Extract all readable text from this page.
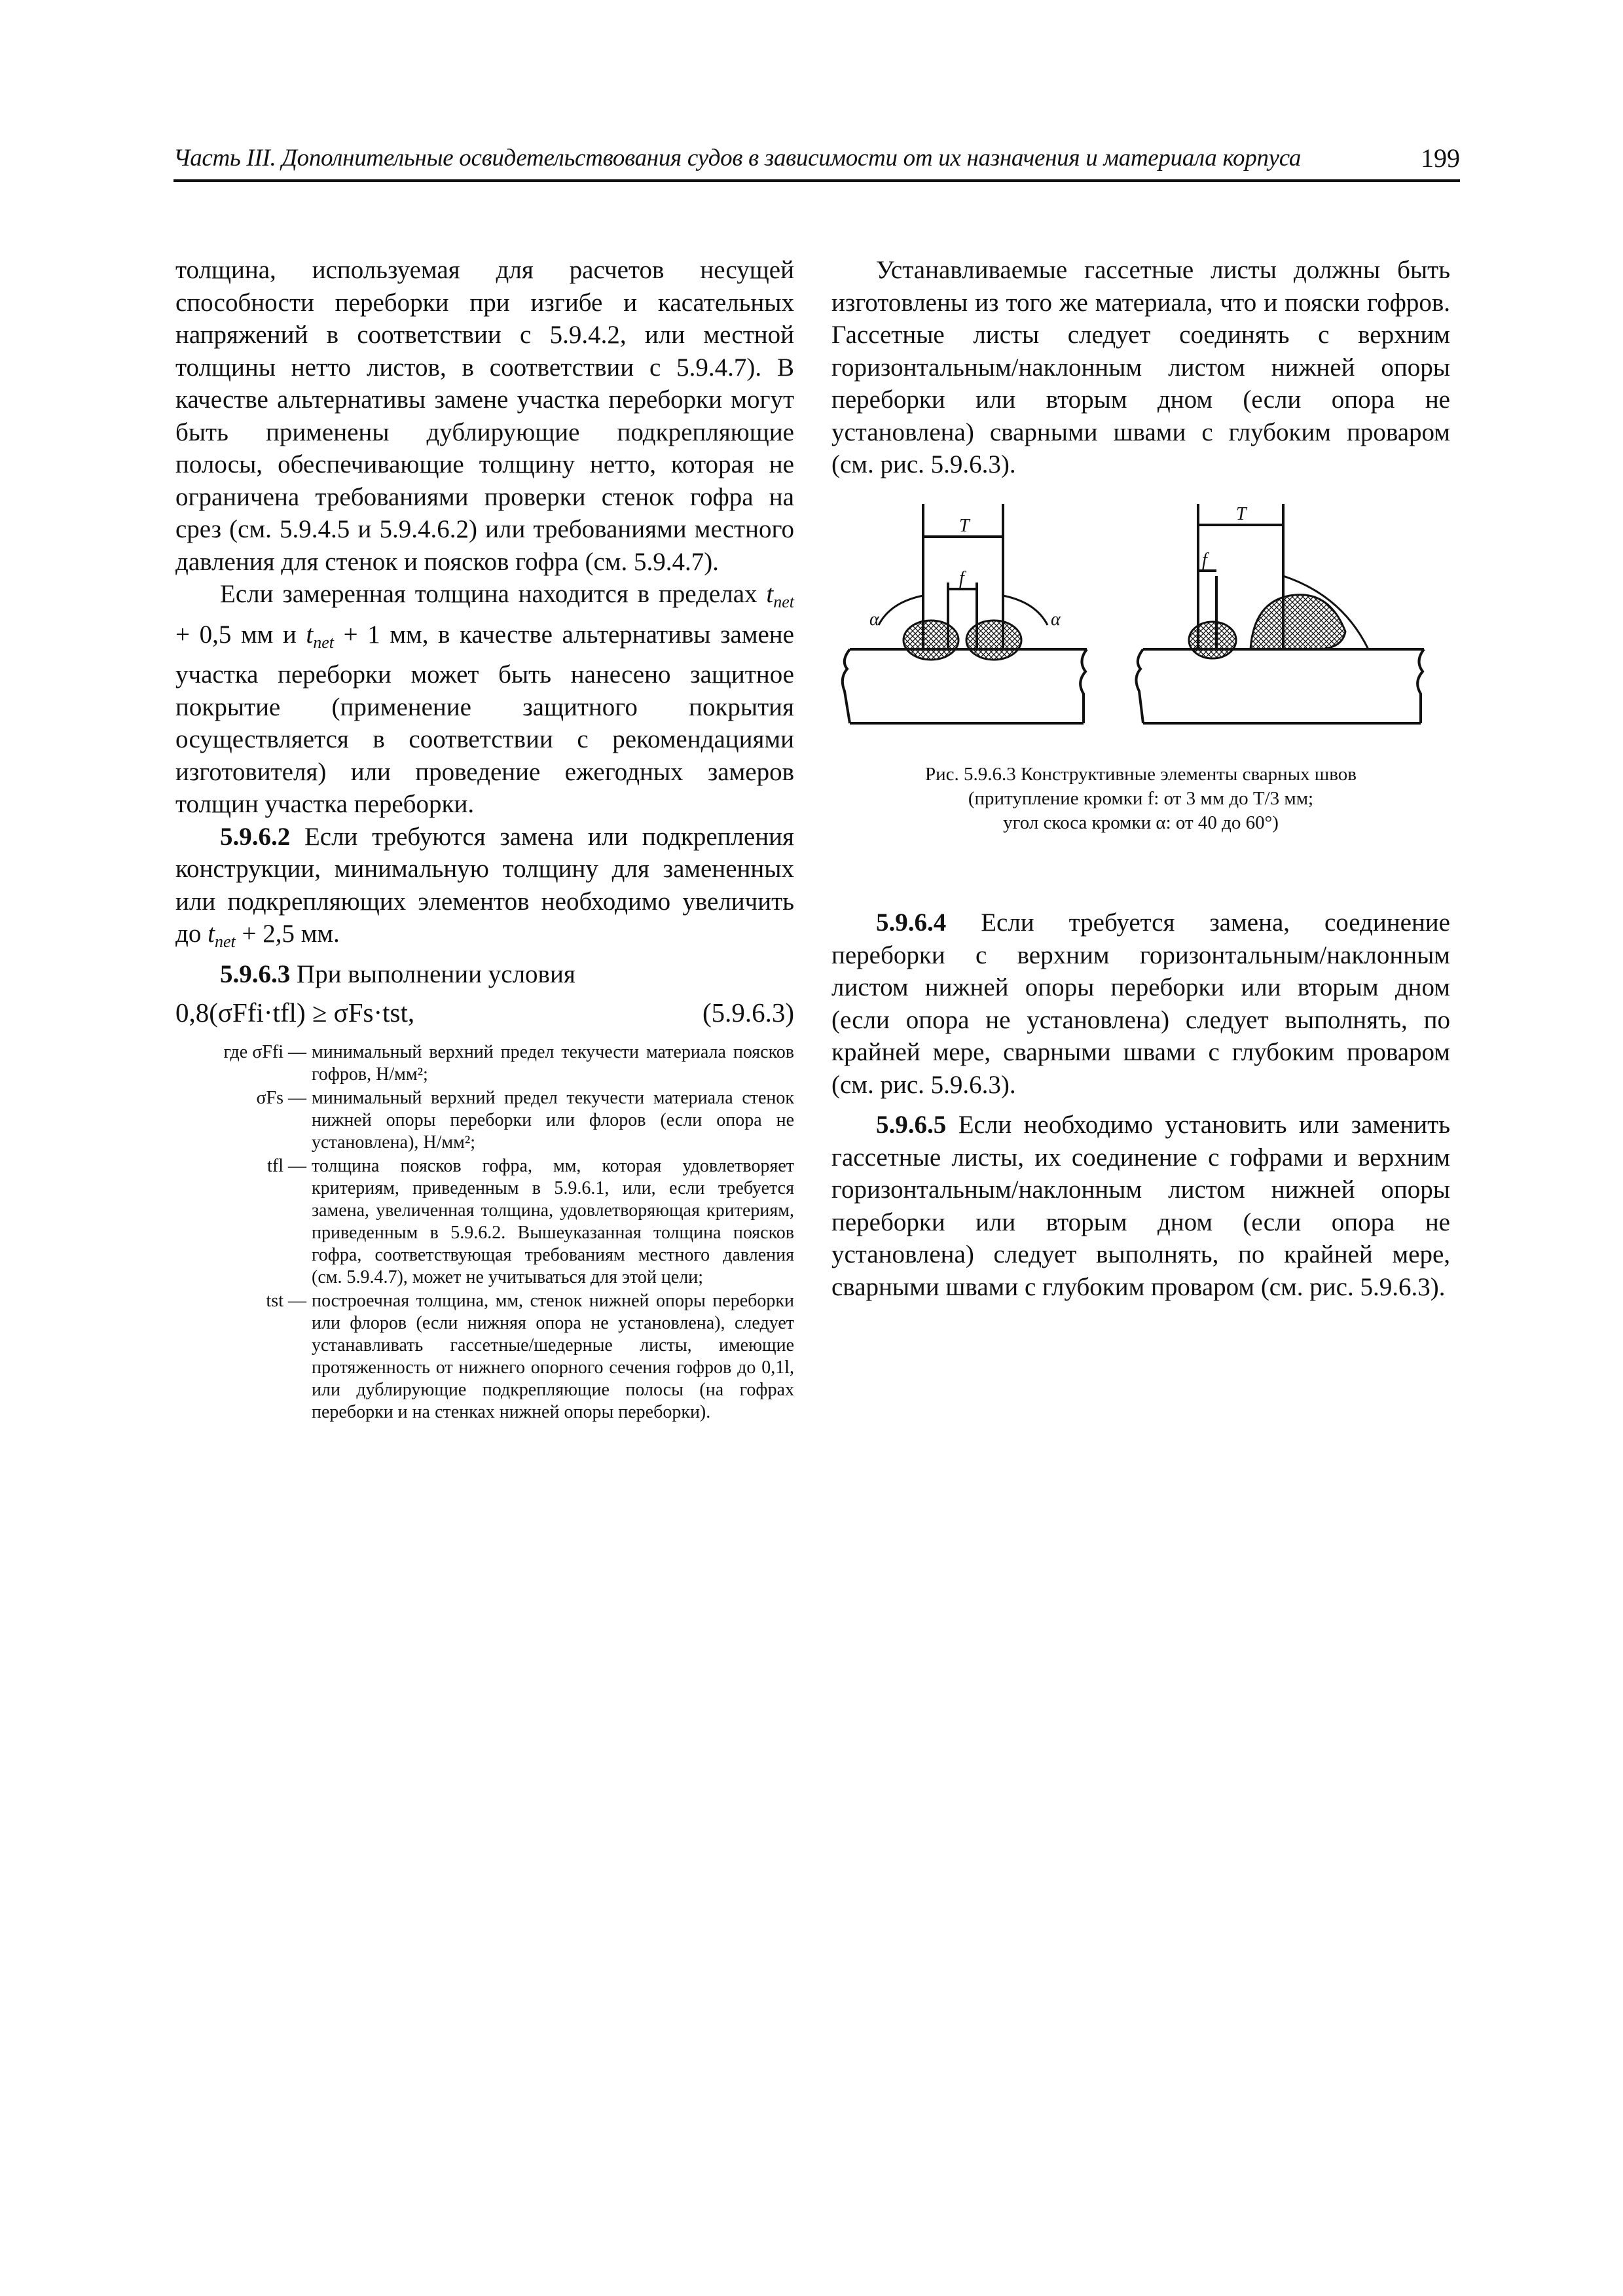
Часть III. Дополнительные освидетельствования судов в зависимости от их назначения и материала корпуса	199

толщина, используемая для расчетов несущей способности переборки при изгибе и касательных напряжений в соответствии с 5.9.4.2, или местной толщины нетто листов, в соответствии с 5.9.4.7). В качестве альтернативы замене участка переборки могут быть применены дублирующие подкрепляющие полосы, обеспечивающие толщину нетто, которая не ограничена требованиями проверки стенок гофра на срез (см. 5.9.4.5 и 5.9.4.6.2) или требованиями местного давления для стенок и поясков гофра (см. 5.9.4.7).

Если замеренная толщина находится в пределах $t_{net} + 0,5$ мм и $t_{net} + 1$ мм, в качестве альтернативы замене участка переборки может быть нанесено защитное покрытие (применение защитного покрытия осуществляется в соответствии с рекомендациями изготовителя) или проведение ежегодных замеров толщин участка переборки.

5.9.6.2 Если требуются замена или подкрепления конструкции, минимальную толщину для замененных или подкрепляющих элементов необходимо увеличить до $t_{net} + 2,5$ мм.

5.9.6.3 При выполнении условия

0,8(σFfi·tfl) ≥ σFs·tst,	(5.9.6.3)
где σFfi — минимальный верхний предел текучести материала поясков гофров, Н/мм²;
σFs — минимальный верхний предел текучести материала стенок нижней опоры переборки или флоров (если опора не установлена), Н/мм²;
tfl — толщина поясков гофра, мм, которая удовлетворяет критериям, приведенным в 5.9.6.1, или, если требуется замена, увеличенная толщина, удовлетворяющая критериям, приведенным в 5.9.6.2. Вышеуказанная толщина поясков гофра, соответствующая требованиям местного давления (см. 5.9.4.7), может не учитываться для этой цели;
tst — построечная толщина, мм, стенок нижней опоры переборки или флоров (если нижняя опора не установлена), следует устанавливать гассетные/шедерные листы, имеющие протяженность от нижнего опорного сечения гофров до 0,1l, или дублирующие подкрепляющие полосы (на гофрах переборки и на стенках нижней опоры переборки).

Устанавливаемые гассетные листы должны быть изготовлены из того же материала, что и пояски гофров. Гассетные листы следует соединять с верхним горизонтальным/наклонным листом нижней опоры переборки или вторым дном (если опора не установлена) сварными швами с глубоким проваром (см. рис. 5.9.6.3).

T
f
α	α
T
f
Рис. 5.9.6.3 Конструктивные элементы сварных швов
(притупление кромки f: от 3 мм до T/3 мм;
угол скоса кромки α: от 40 до 60°)

5.9.6.4 Если требуется замена, соединение переборки с верхним горизонтальным/наклонным листом нижней опоры переборки или вторым дном (если опора не установлена) следует выполнять, по крайней мере, сварными швами с глубоким проваром (см. рис. 5.9.6.3).

5.9.6.5 Если необходимо установить или заменить гассетные листы, их соединение с гофрами и верхним горизонтальным/наклонным листом нижней опоры переборки или вторым дном (если опора не установлена) следует выполнять, по крайней мере, сварными швами с глубоким проваром (см. рис. 5.9.6.3).
